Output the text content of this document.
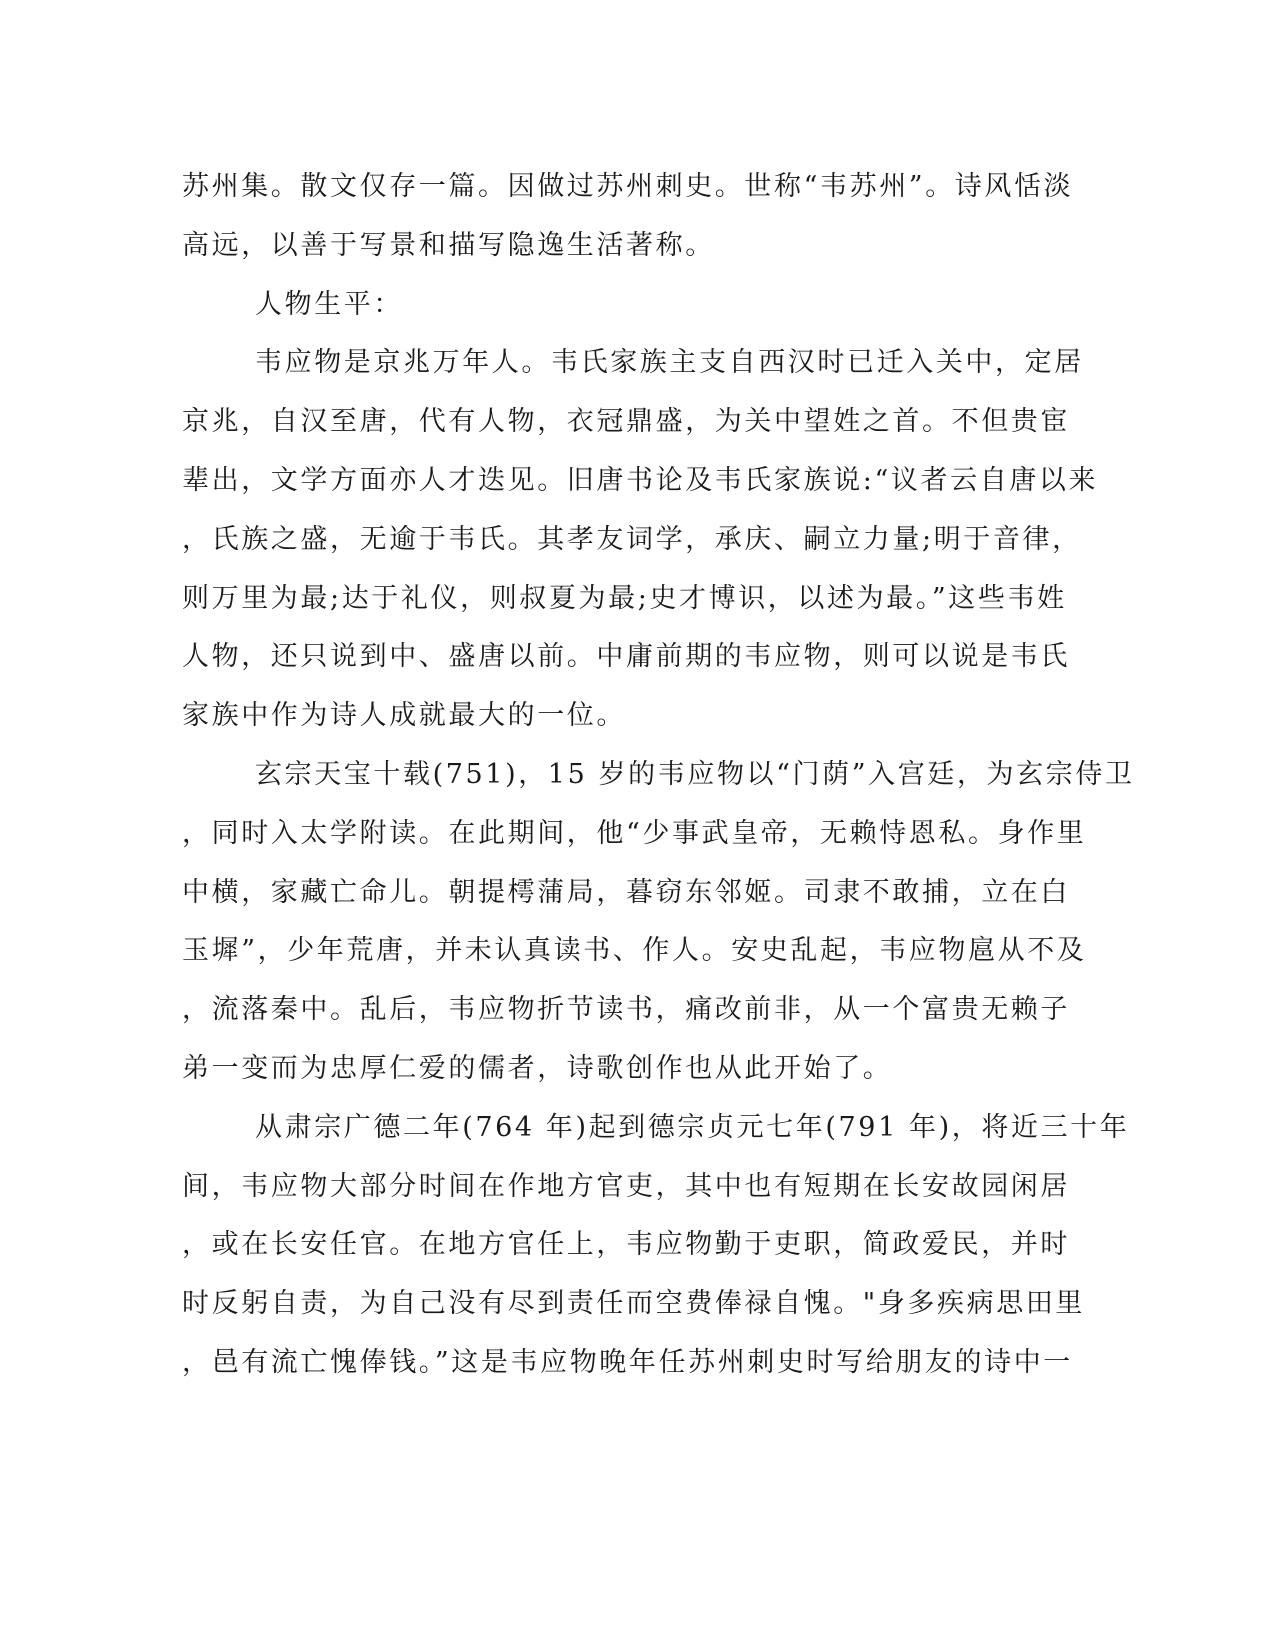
苏州集。散文仅存一篇。因做过苏州刺史。世称“韦苏州”。诗风恬淡
高远，以善于写景和描写隐逸生活著称。
人物生平：
韦应物是京兆万年人。韦氏家族主支自西汉时已迁入关中，定居
京兆，自汉至唐，代有人物，衣冠鼎盛，为关中望姓之首。不但贵宦
辈出，文学方面亦人才迭见。旧唐书论及韦氏家族说:“议者云自唐以来
，氏族之盛，无逾于韦氏。其孝友词学，承庆、嗣立力量;明于音律，
则万里为最;达于礼仪，则叔夏为最;史才博识，以述为最。”这些韦姓
人物，还只说到中、盛唐以前。中庸前期的韦应物，则可以说是韦氏
家族中作为诗人成就最大的一位。
玄宗天宝十载(751)，15 岁的韦应物以“门荫”入宫廷，为玄宗侍卫
，同时入太学附读。在此期间，他“少事武皇帝，无赖恃恩私。身作里
中横，家藏亡命儿。朝提樗蒲局，暮窃东邻姬。司隶不敢捕，立在白
玉墀”，少年荒唐，并未认真读书、作人。安史乱起，韦应物扈从不及
，流落秦中。乱后，韦应物折节读书，痛改前非，从一个富贵无赖子
弟一变而为忠厚仁爱的儒者，诗歌创作也从此开始了。
从肃宗广德二年(764 年)起到德宗贞元七年(791 年)，将近三十年
间，韦应物大部分时间在作地方官吏，其中也有短期在长安故园闲居
，或在长安任官。在地方官任上，韦应物勤于吏职，简政爱民，并时
时反躬自责，为自己没有尽到责任而空费俸禄自愧。"身多疾病思田里
，邑有流亡愧俸钱。”这是韦应物晚年任苏州刺史时写给朋友的诗中一
